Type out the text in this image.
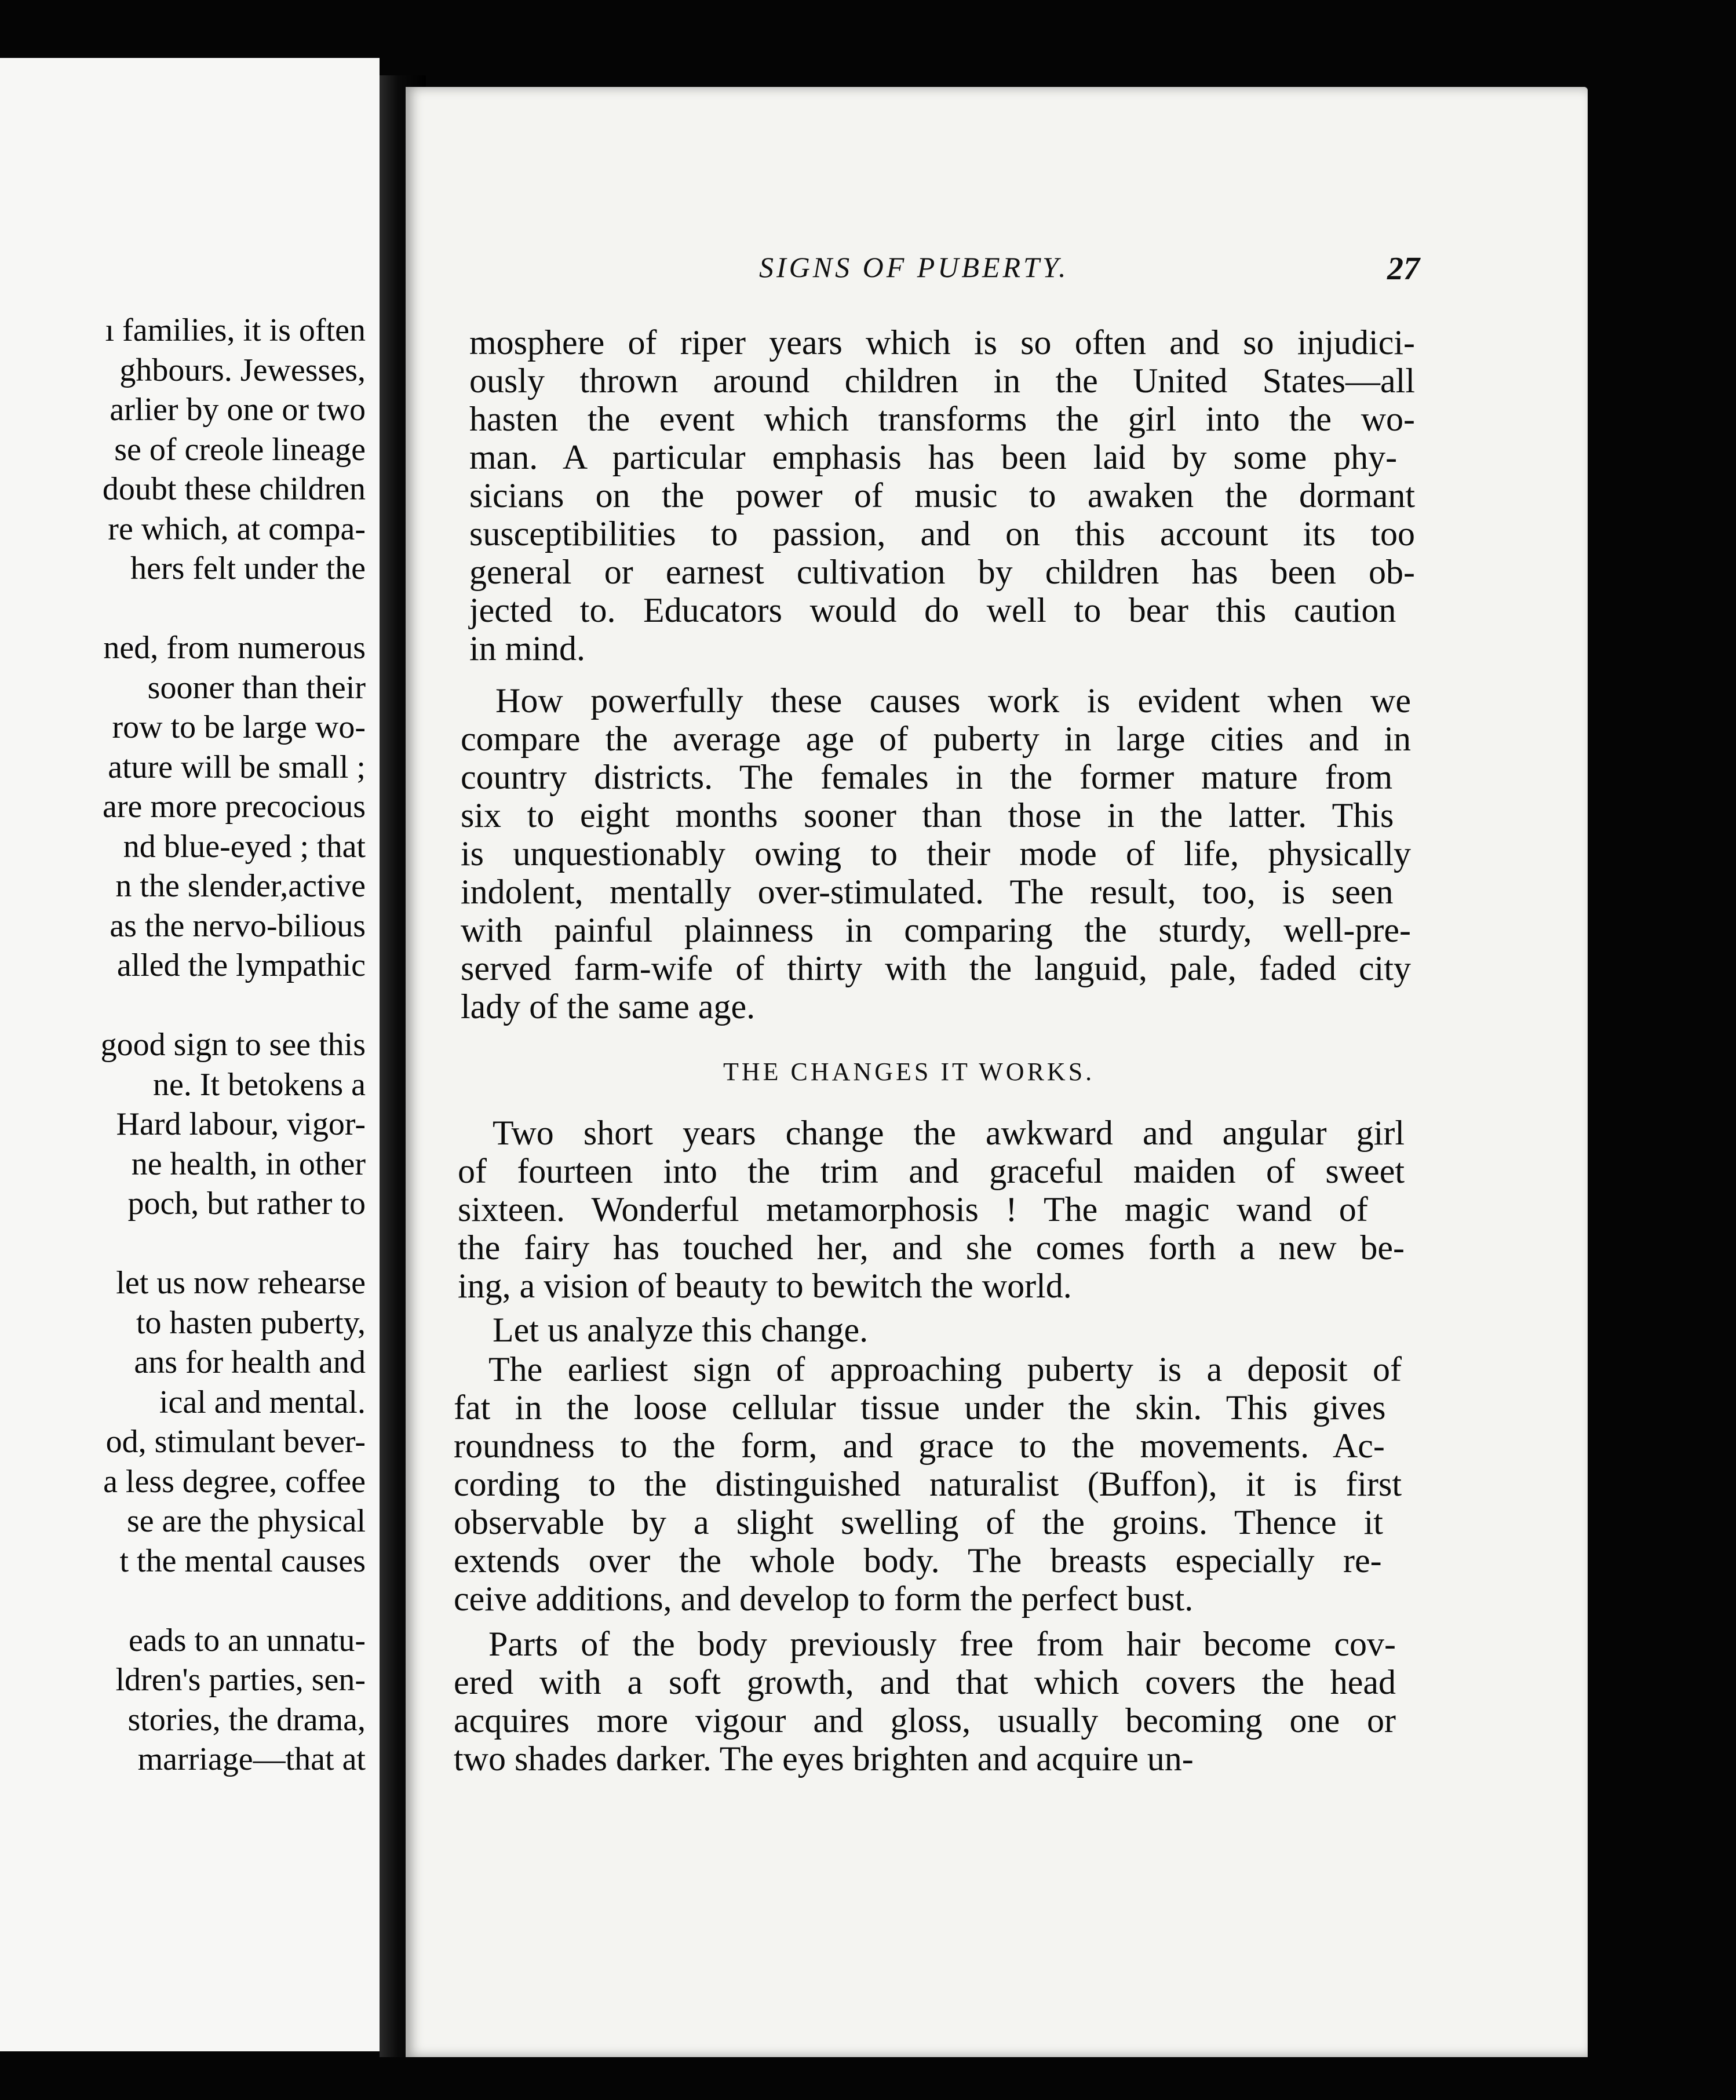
ı families, it is often
ghbours. Jewesses,
arlier by one or two
se of creole lineage
doubt these children
re which, at compa-
hers felt under the
ned, from numerous
sooner than their
row to be large wo-
ature will be small ;
are more precocious
nd blue-eyed ; that
n the slender,active
as the nervo-bilious
alled the lympathic
good sign to see this
ne. It betokens a
Hard labour, vigor-
ne health, in other
poch, but rather to
let us now rehearse
to hasten puberty,
ans for health and
ical and mental.
od, stimulant bever-
a less degree, coffee
se are the physical
t the mental causes
eads to an unnatu-
ldren's parties, sen-
stories, the drama,
marriage—that at
SIGNS OF PUBERTY.	27
mosphere of riper years which is so often and so injudici-
ously thrown around children in the United States—all
hasten the event which transforms the girl into the wo-
man. A particular emphasis has been laid by some phy-
sicians on the power of music to awaken the dormant
susceptibilities to passion, and on this account its too
general or earnest cultivation by children has been ob-
jected to. Educators would do well to bear this caution
in mind.
How powerfully these causes work is evident when we
compare the average age of puberty in large cities and in
country districts. The females in the former mature from
six to eight months sooner than those in the latter. This
is unquestionably owing to their mode of life, physically
indolent, mentally over-stimulated. The result, too, is seen
with painful plainness in comparing the sturdy, well-pre-
served farm-wife of thirty with the languid, pale, faded city
lady of the same age.
THE CHANGES IT WORKS.
Two short years change the awkward and angular girl
of fourteen into the trim and graceful maiden of sweet
sixteen. Wonderful metamorphosis ! The magic wand of
the fairy has touched her, and she comes forth a new be-
ing, a vision of beauty to bewitch the world.
Let us analyze this change.
The earliest sign of approaching puberty is a deposit of
fat in the loose cellular tissue under the skin. This gives
roundness to the form, and grace to the movements. Ac-
cording to the distinguished naturalist (Buffon), it is first
observable by a slight swelling of the groins. Thence it
extends over the whole body. The breasts especially re-
ceive additions, and develop to form the perfect bust.
Parts of the body previously free from hair become cov-
ered with a soft growth, and that which covers the head
acquires more vigour and gloss, usually becoming one or
two shades darker. The eyes brighten and acquire un-
